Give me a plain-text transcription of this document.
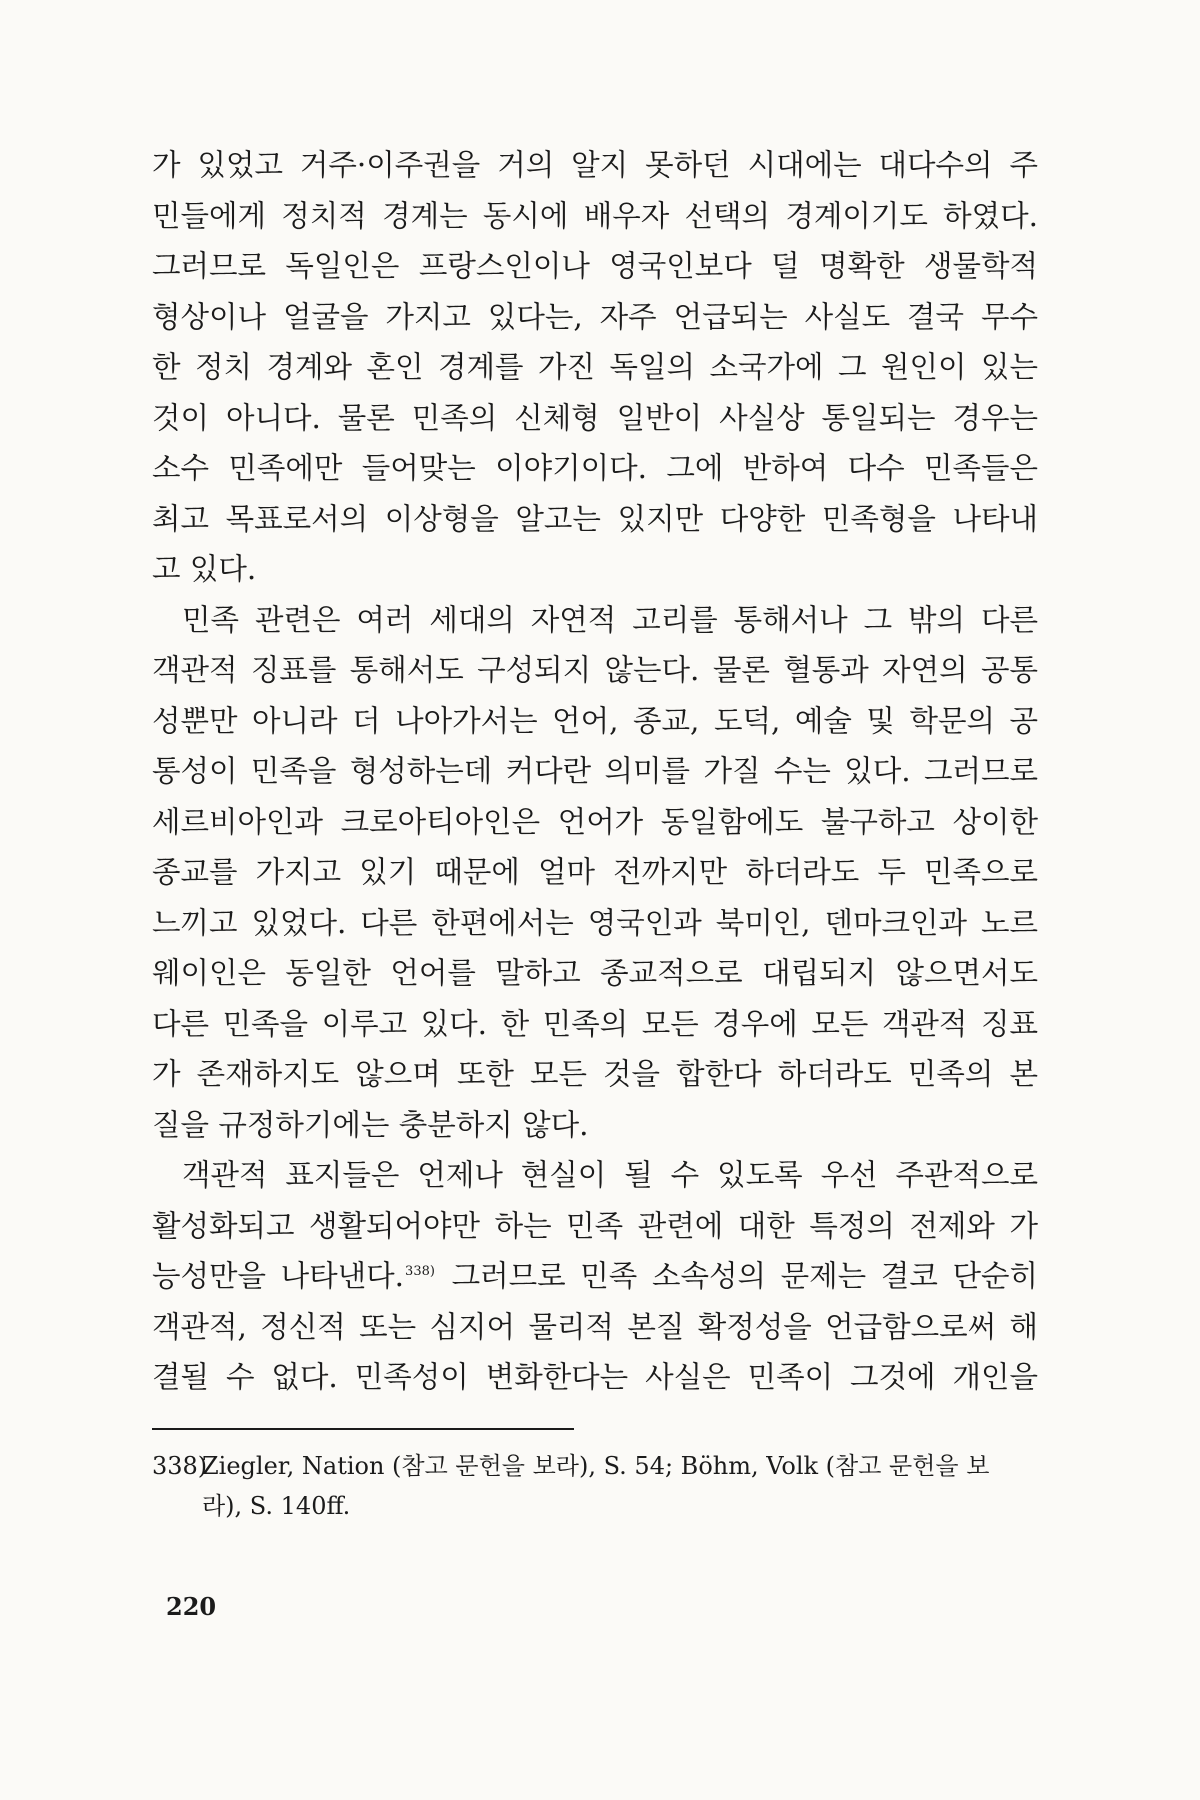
가 있었고 거주·이주권을 거의 알지 못하던 시대에는 대다수의 주
민들에게 정치적 경계는 동시에 배우자 선택의 경계이기도 하였다.
그러므로 독일인은 프랑스인이나 영국인보다 덜 명확한 생물학적
형상이나 얼굴을 가지고 있다는, 자주 언급되는 사실도 결국 무수
한 정치 경계와 혼인 경계를 가진 독일의 소국가에 그 원인이 있는
것이 아니다. 물론 민족의 신체형 일반이 사실상 통일되는 경우는
소수 민족에만 들어맞는 이야기이다. 그에 반하여 다수 민족들은
최고 목표로서의 이상형을 알고는 있지만 다양한 민족형을 나타내
고 있다.
민족 관련은 여러 세대의 자연적 고리를 통해서나 그 밖의 다른
객관적 징표를 통해서도 구성되지 않는다. 물론 혈통과 자연의 공통
성뿐만 아니라 더 나아가서는 언어, 종교, 도덕, 예술 및 학문의 공
통성이 민족을 형성하는데 커다란 의미를 가질 수는 있다. 그러므로
세르비아인과 크로아티아인은 언어가 동일함에도 불구하고 상이한
종교를 가지고 있기 때문에 얼마 전까지만 하더라도 두 민족으로
느끼고 있었다. 다른 한편에서는 영국인과 북미인, 덴마크인과 노르
웨이인은 동일한 언어를 말하고 종교적으로 대립되지 않으면서도
다른 민족을 이루고 있다. 한 민족의 모든 경우에 모든 객관적 징표
가 존재하지도 않으며 또한 모든 것을 합한다 하더라도 민족의 본
질을 규정하기에는 충분하지 않다.
객관적 표지들은 언제나 현실이 될 수 있도록 우선 주관적으로
활성화되고 생활되어야만 하는 민족 관련에 대한 특정의 전제와 가
능성만을 나타낸다.$^{338)}$ 그러므로 민족 소속성의 문제는 결코 단순히
객관적, 정신적 또는 심지어 물리적 본질 확정성을 언급함으로써 해
결될 수 없다. 민족성이 변화한다는 사실은 민족이 그것에 개인을
338)
Ziegler, Nation (참고 문헌을 보라), S. 54; Böhm, Volk (참고 문헌을 보
라), S. 140ff.
220
